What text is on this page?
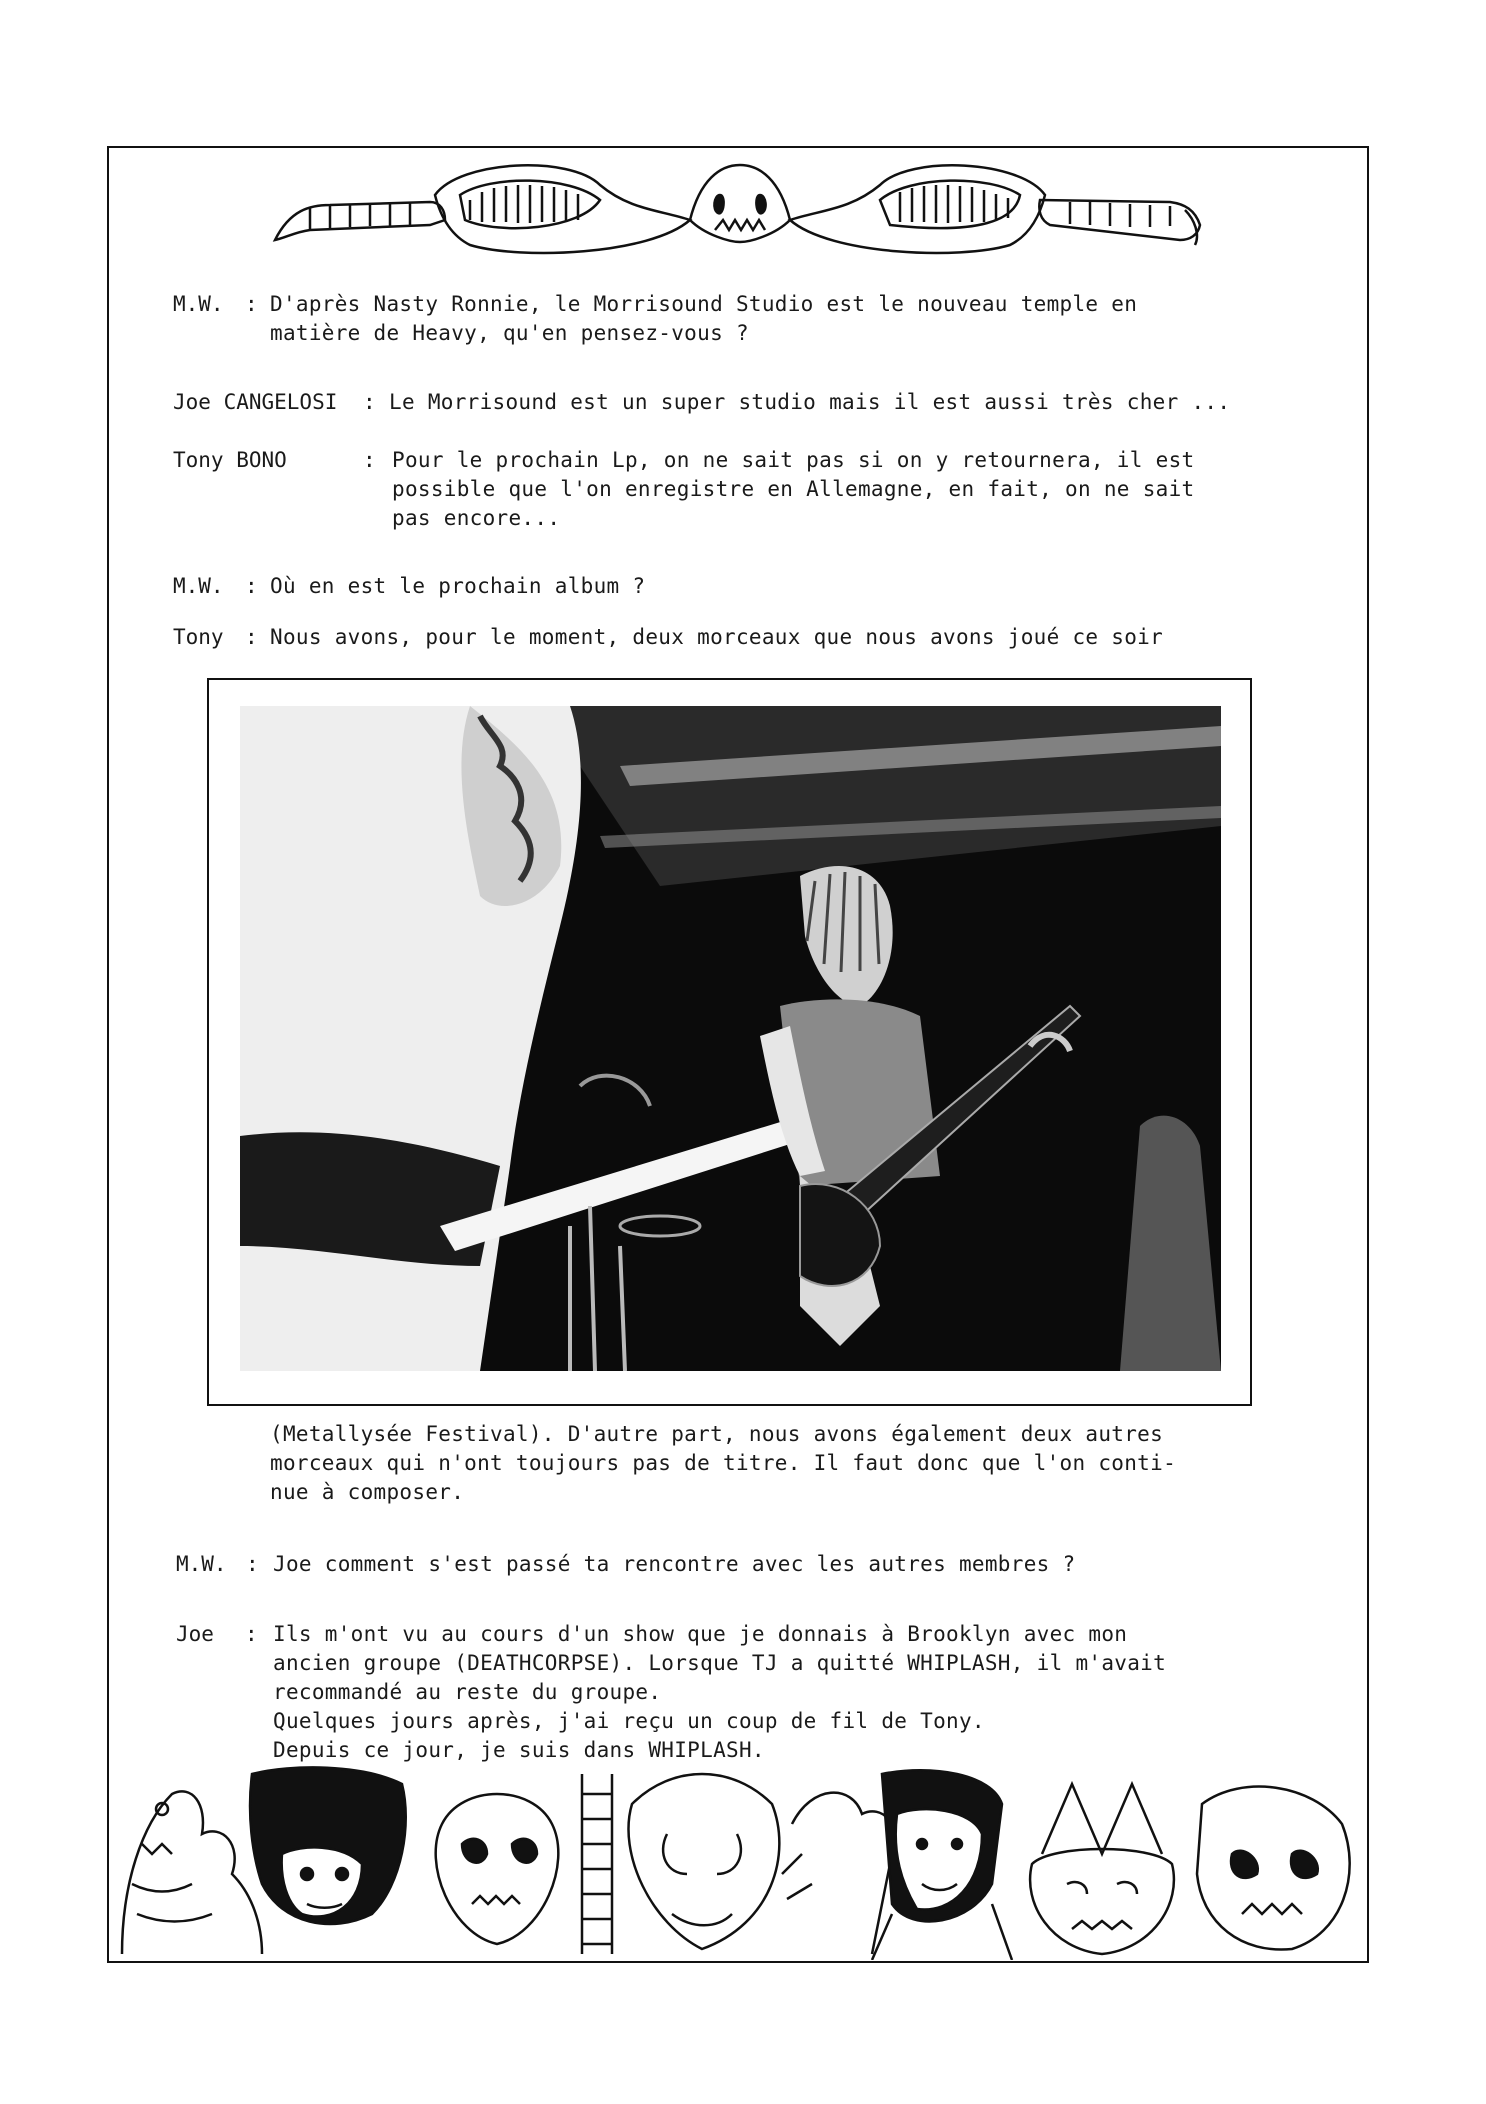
M.W. : D'après Nasty Ronnie, le Morrisound Studio est le nouveau temple en
matière de Heavy, qu'en pensez-vous ?
Joe CANGELOSI : Le Morrisound est un super studio mais il est aussi très cher ...
Tony BONO	: Pour le prochain Lp, on ne sait pas si on y retournera, il est
possible que l'on enregistre en Allemagne, en fait, on ne sait
pas encore...
M.W. : Où en est le prochain album ?
Tony : Nous avons, pour le moment, deux morceaux que nous avons joué ce soir
(Metallysée Festival). D'autre part, nous avons également deux autres
morceaux qui n'ont toujours pas de titre. Il faut donc que l'on conti-
nue à composer.
M.W. : Joe comment s'est passé ta rencontre avec les autres membres ?
Joe : Ils m'ont vu au cours d'un show que je donnais à Brooklyn avec mon
ancien groupe (DEATHCORPSE). Lorsque TJ a quitté WHIPLASH, il m'avait
recommandé au reste du groupe.
Quelques jours après, j'ai reçu un coup de fil de Tony.
Depuis ce jour, je suis dans WHIPLASH.
